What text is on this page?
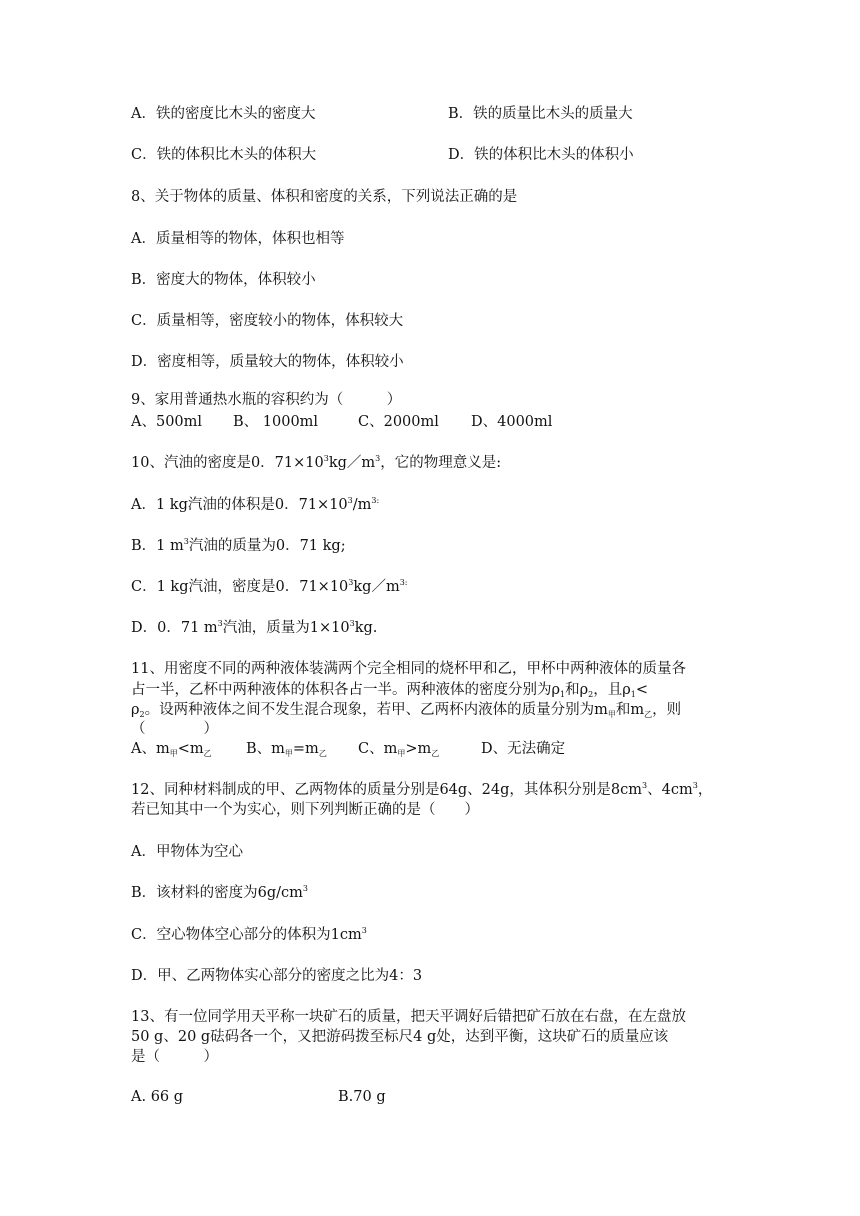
A．铁的密度比木头的密度大	B．铁的质量比木头的质量大
C．铁的体积比木头的体积大	D．铁的体积比木头的体积小
8、关于物体的质量、体积和密度的关系，下列说法正确的是
A．质量相等的物体，体积也相等
B．密度大的物体，体积较小
C．质量相等，密度较小的物体，体积较大
D．密度相等，质量较大的物体，体积较小
9、家用普通热水瓶的容积约为（　　　）
A、500ml B、 1000ml	C、2000ml D、4000ml
10、汽油的密度是0．$71\times 10^3kg/m^3$，它的物理意义是:
A．1 kg汽油的体积是0．$71\times 10^3/m^{3:}$
B．1 $m^3$汽油的质量为0．71 kg;
C．1 kg汽油，密度是0．$71\times 10^3kg/m^{3:}$
D．0．71 $m^3$汽油，质量为$1\times 10^3kg$.
11、用密度不同的两种液体装满两个完全相同的烧杯甲和乙，甲杯中两种液体的质量各
占一半，乙杯中两种液体的体积各占一半。两种液体的密度分别为$\rho_1$和$\rho_2$，且$\rho_1<$
$\rho_2$。设两种液体之间不发生混合现象，若甲、乙两杯内液体的质量分别为$m_甲$和$m_乙$，则
（　　　　）
A、$m_甲<m_乙$ B、$m_甲=m_乙$ C、$m_甲>m_乙$	D、无法确定
12、同种材料制成的甲、乙两物体的质量分别是64g、24g，其体积分别是$8cm^3$、$4cm^3$，
若已知其中一个为实心，则下列判断正确的是（　　）
A．甲物体为空心
B．该材料的密度为$6g/cm^3$
C．空心物体空心部分的体积为$1cm^3$
D．甲、乙两物体实心部分的密度之比为4：3
13、有一位同学用天平称一块矿石的质量，把天平调好后错把矿石放在右盘，在左盘放
50 g、20 g砝码各一个，又把游码拨至标尺4 g处，达到平衡，这块矿石的质量应该
是（　　　）
A. 66 g	B.70 g
